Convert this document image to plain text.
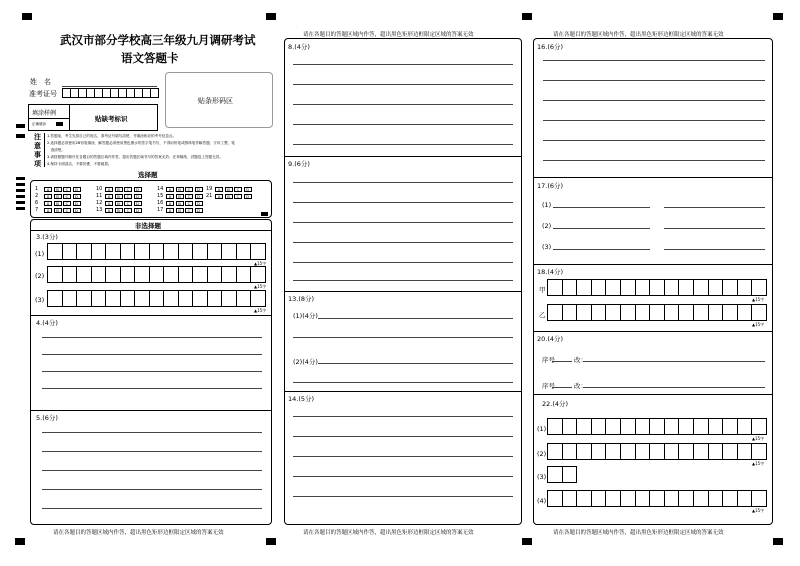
请在各题目的答题区域内作答，超出黑色矩形边框限定区域的答案无效	请在各题目的答题区域内作答，超出黑色矩形边框限定区域的答案无效
请在各题目的答题区域内作答，超出黑色矩形边框限定区域的答案无效	请在各题目的答题区域内作答，超出黑色矩形边框限定区域的答案无效	请在各题目的答题区域内作答，超出黑色矩形边框限定区域的答案无效
武汉市部分学校高三年级九月调研考试
语文答题卡
姓　名
准考证号
贴条形码区
填涂样例
正确填涂
贴缺考标识
注
意
事
项
1.答题前，考生先将自己的姓名、准考证号填写清楚，并填涂相应的考号信息点。
2.选择题必须使用2B铅笔填涂，解答题必须使用黑色墨水的签字笔书写，不得用铅笔或圆珠笔作解答题；字体工整，笔
　迹清楚。
3.请按照题号顺序在各题目的答题区域内作答，超出答题区域书写的答案无效；在草稿纸、试题卷上答题无效。
4.保持卡面清洁，不要折叠，不要破损。
选择题
1	A	B	C	D
2	A	B	C	D
6	A	B	C	D
7	A	B	C	D
10	A	B	C	D
11	A	B	C	D
12	A	B	C	D
13	A	B	C	D
14	A	B	C	D
15	A	B	C	D
16	A	B	C	D
17	A	B	C	D
19	A	B	C	D
21	A	B	C	D
非选择题
3.(3分)
(1)
(2)
(3)
4.(4分)
5.(6分)
▲15字
▲15字
▲15字
8.(4分)
9.(6分)
13.(8分)
(1)(4分)
(2)(4分)
14.(5分)
16.(6分)
17.(6分)
(1)
(2)
(3)
18.(4分)
甲
乙
20.(4分)
序号	改：
序号	改：
22.(4分)
(1)
(2)
(3)
(4)
▲15字
▲15字
▲15字
▲15字
▲15字
